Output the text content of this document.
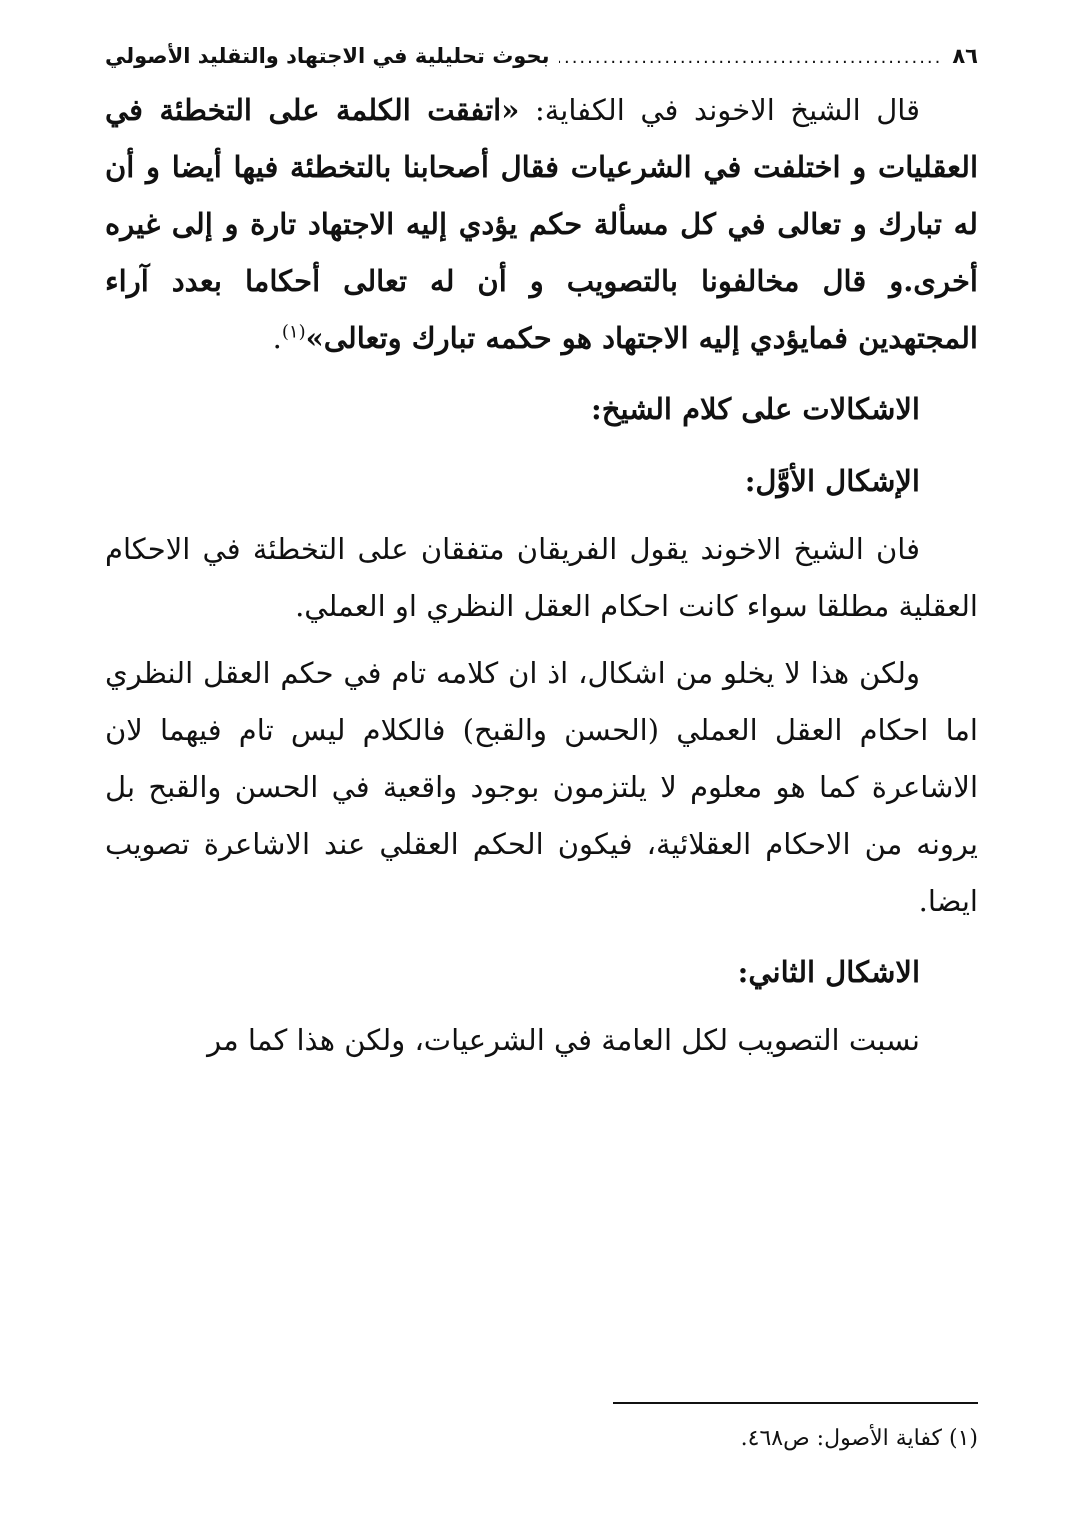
٨٦
.....
بحوث تحليلية في الاجتهاد والتقليد الأصولي

قال الشيخ الاخوند في الكفاية: «اتفقت الكلمة على التخطئة في العقليات و اختلفت في الشرعيات فقال أصحابنا بالتخطئة فيها أيضا و أن له تبارك و تعالى في كل مسألة حكم يؤدي إليه الاجتهاد تارة و إلى غيره أخرى.و قال مخالفونا بالتصويب و أن له تعالى أحكاما بعدد آراء المجتهدين فمايؤدي إليه الاجتهاد هو حكمه تبارك وتعالى»$^{(١)}$.

الاشكالات على كلام الشيخ:
الإشكال الأوَّل:

فان الشيخ الاخوند يقول الفريقان متفقان على التخطئة في الاحكام العقلية مطلقا سواء كانت احكام العقل النظري او العملي.

ولكن هذا لا يخلو من اشكال، اذ ان كلامه تام في حكم العقل النظري اما احكام العقل العملي (الحسن والقبح) فالكلام ليس تام فيهما لان الاشاعرة كما هو معلوم لا يلتزمون بوجود واقعية في الحسن والقبح بل يرونه من الاحكام العقلائية، فيكون الحكم العقلي عند الاشاعرة تصويب ايضا.

الاشكال الثاني:

نسبت التصويب لكل العامة في الشرعيات، ولكن هذا كما مر

(١) كفاية الأصول: ص٤٦٨.
